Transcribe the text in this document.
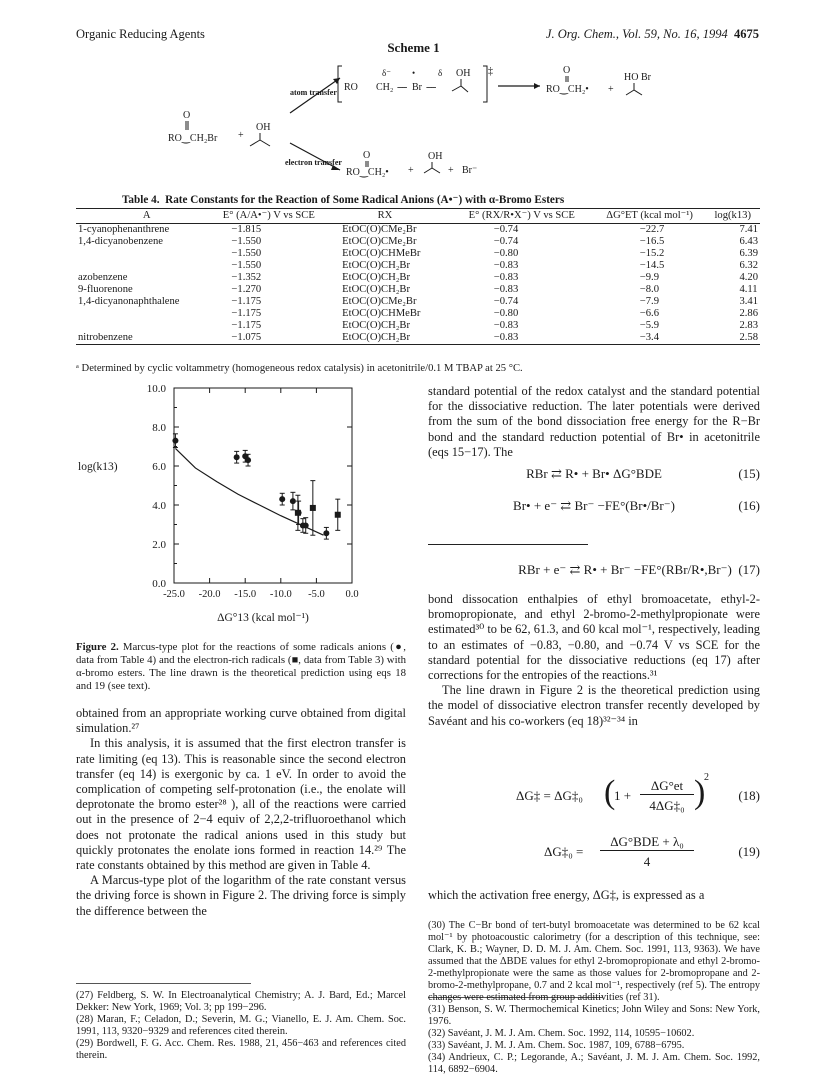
Organic Reducing Agents	J. Org. Chem., Vol. 59, No. 16, 1994 4675
Scheme 1
O
RO‿CH₂Br +
OH
atom transfer
electron transfer
‡
RO CH₂ ---- Br ----
δ⁻ •	δ OH	O
RO‿CH₂• +
HO Br
O
RO‿CH₂• +
OH
+ Br⁻
Table 4. Rate Constants for the Reaction of Some Radical Anions (A•⁻) with α-Bromo Esters
A	E° (A/A•⁻) V vs SCE	RX	E° (RX/R•X⁻) V vs SCE	ΔG°ET (kcal mol⁻¹)	log(k13)
1-cyanophenanthrene	−1.815	EtOC(O)CMe₂Br	−0.74	−22.7	7.41
1,4-dicyanobenzene	−1.550	EtOC(O)CMe₂Br	−0.74	−16.5	6.43
	−1.550	EtOC(O)CHMeBr	−0.80	−15.2	6.39
	−1.550	EtOC(O)CH₂Br	−0.83	−14.5	6.32
azobenzene	−1.352	EtOC(O)CH₂Br	−0.83	−9.9	4.20
9-fluorenone	−1.270	EtOC(O)CH₂Br	−0.83	−8.0	4.11
1,4-dicyanonaphthalene	−1.175	EtOC(O)CMe₂Br	−0.74	−7.9	3.41
	−1.175	EtOC(O)CHMeBr	−0.80	−6.6	2.86
	−1.175	EtOC(O)CH₂Br	−0.83	−5.9	2.83
nitrobenzene	−1.075	EtOC(O)CH₂Br	−0.83	−3.4	2.58
ᵃ Determined by cyclic voltammetry (homogeneous redox catalysis) in acetonitrile/0.1 M TBAP at 25 °C.
0.0
2.0
4.0
6.0
8.0
10.0
-25.0 -20.0 -15.0 -10.0 -5.0 0.0
log(k13)
ΔG°13 (kcal mol⁻¹)
Figure 2. Marcus-type plot for the reactions of some radicals anions (●, data from Table 4) and the electron-rich radicals (■, data from Table 3) with α-bromo esters. The line drawn is the theoretical prediction using eqs 18 and 19 (see text).

obtained from an appropriate working curve obtained from digital simulation.²⁷

In this analysis, it is assumed that the first electron transfer is rate limiting (eq 13). This is reasonable since the second electron transfer (eq 14) is exergonic by ca. 1 eV. In order to avoid the complication of competing self-protonation (i.e., the enolate will deprotonate the bromo ester²⁸ ), all of the reactions were carried out in the presence of 2−4 equiv of 2,2,2-trifluoroethanol which does not protonate the radical anions used in this study but quickly protonates the enolate ions formed in reaction 14.²⁹ The rate constants obtained by this method are given in Table 4.

A Marcus-type plot of the logarithm of the rate constant versus the driving force is shown in Figure 2. The driving force is simply the difference between the

(27) Feldberg, S. W. In Electroanalytical Chemistry; A. J. Bard, Ed.; Marcel Dekker: New York, 1969; Vol. 3; pp 199−296.
(28) Maran, F.; Celadon, D.; Severin, M. G.; Vianello, E. J. Am. Chem. Soc. 1991, 113, 9320−9329 and references cited therein.
(29) Bordwell, F. G. Acc. Chem. Res. 1988, 21, 456−463 and references cited therein.

standard potential of the redox catalyst and the standard potential for the dissociative reduction. The later potentials were derived from the sum of the bond dissociation free energy for the R−Br bond and the standard reduction potential of Br• in acetonitrile (eqs 15−17). The

RBr ⇄ R• + Br• ΔG°BDE	(15)
Br• + e⁻ ⇄ Br⁻ −FE°(Br•/Br⁻)	(16)
RBr + e⁻ ⇄ R• + Br⁻ −FE°(RBr/R•,Br⁻) (17)

bond dissocation enthalpies of ethyl bromoacetate, ethyl-2-bromopropionate, and ethyl 2-bromo-2-methylpropionate were estimated³⁰ to be 62, 61.3, and 60 kcal mol⁻¹, respectively, leading to an estimates of −0.83, −0.80, and −0.74 V vs SCE for the standard potential for the dissociative reductions (eq 17) after corrections for the entropies of the reactions.³¹

The line drawn in Figure 2 is the theoretical prediction using the model of dissociative electron transfer recently developed by Savéant and his co-workers (eq 18)³²⁻³⁴ in

ΔG‡ = ΔG‡₀ (
1 +
ΔG°et
4ΔG‡₀ )
2
(18)
ΔG‡₀ =
ΔG°BDE + λ₀
4
(19)

which the activation free energy, ΔG‡, is expressed as a

(30) The C−Br bond of tert-butyl bromoacetate was determined to be 62 kcal mol⁻¹ by photoacoustic calorimetry (for a description of this technique, see: Clark, K. B.; Wayner, D. D. M. J. Am. Chem. Soc. 1991, 113, 9363). We have assumed that the ΔBDE values for ethyl 2-bromopropionate and ethyl 2-bromo-2-methylpropionate were the same as those values for 2-bromopropane and 2-bromo-2-methylpropane, 0.7 and 2 kcal mol⁻¹, respectively (ref 5). The entropy changes were estimated from group additivities (ref 31).
(31) Benson, S. W. Thermochemical Kinetics; John Wiley and Sons: New York, 1976.
(32) Savéant, J. M. J. Am. Chem. Soc. 1992, 114, 10595−10602.
(33) Savéant, J. M. J. Am. Chem. Soc. 1987, 109, 6788−6795.
(34) Andrieux, C. P.; Legorande, A.; Savéant, J. M. J. Am. Chem. Soc. 1992, 114, 6892−6904.
